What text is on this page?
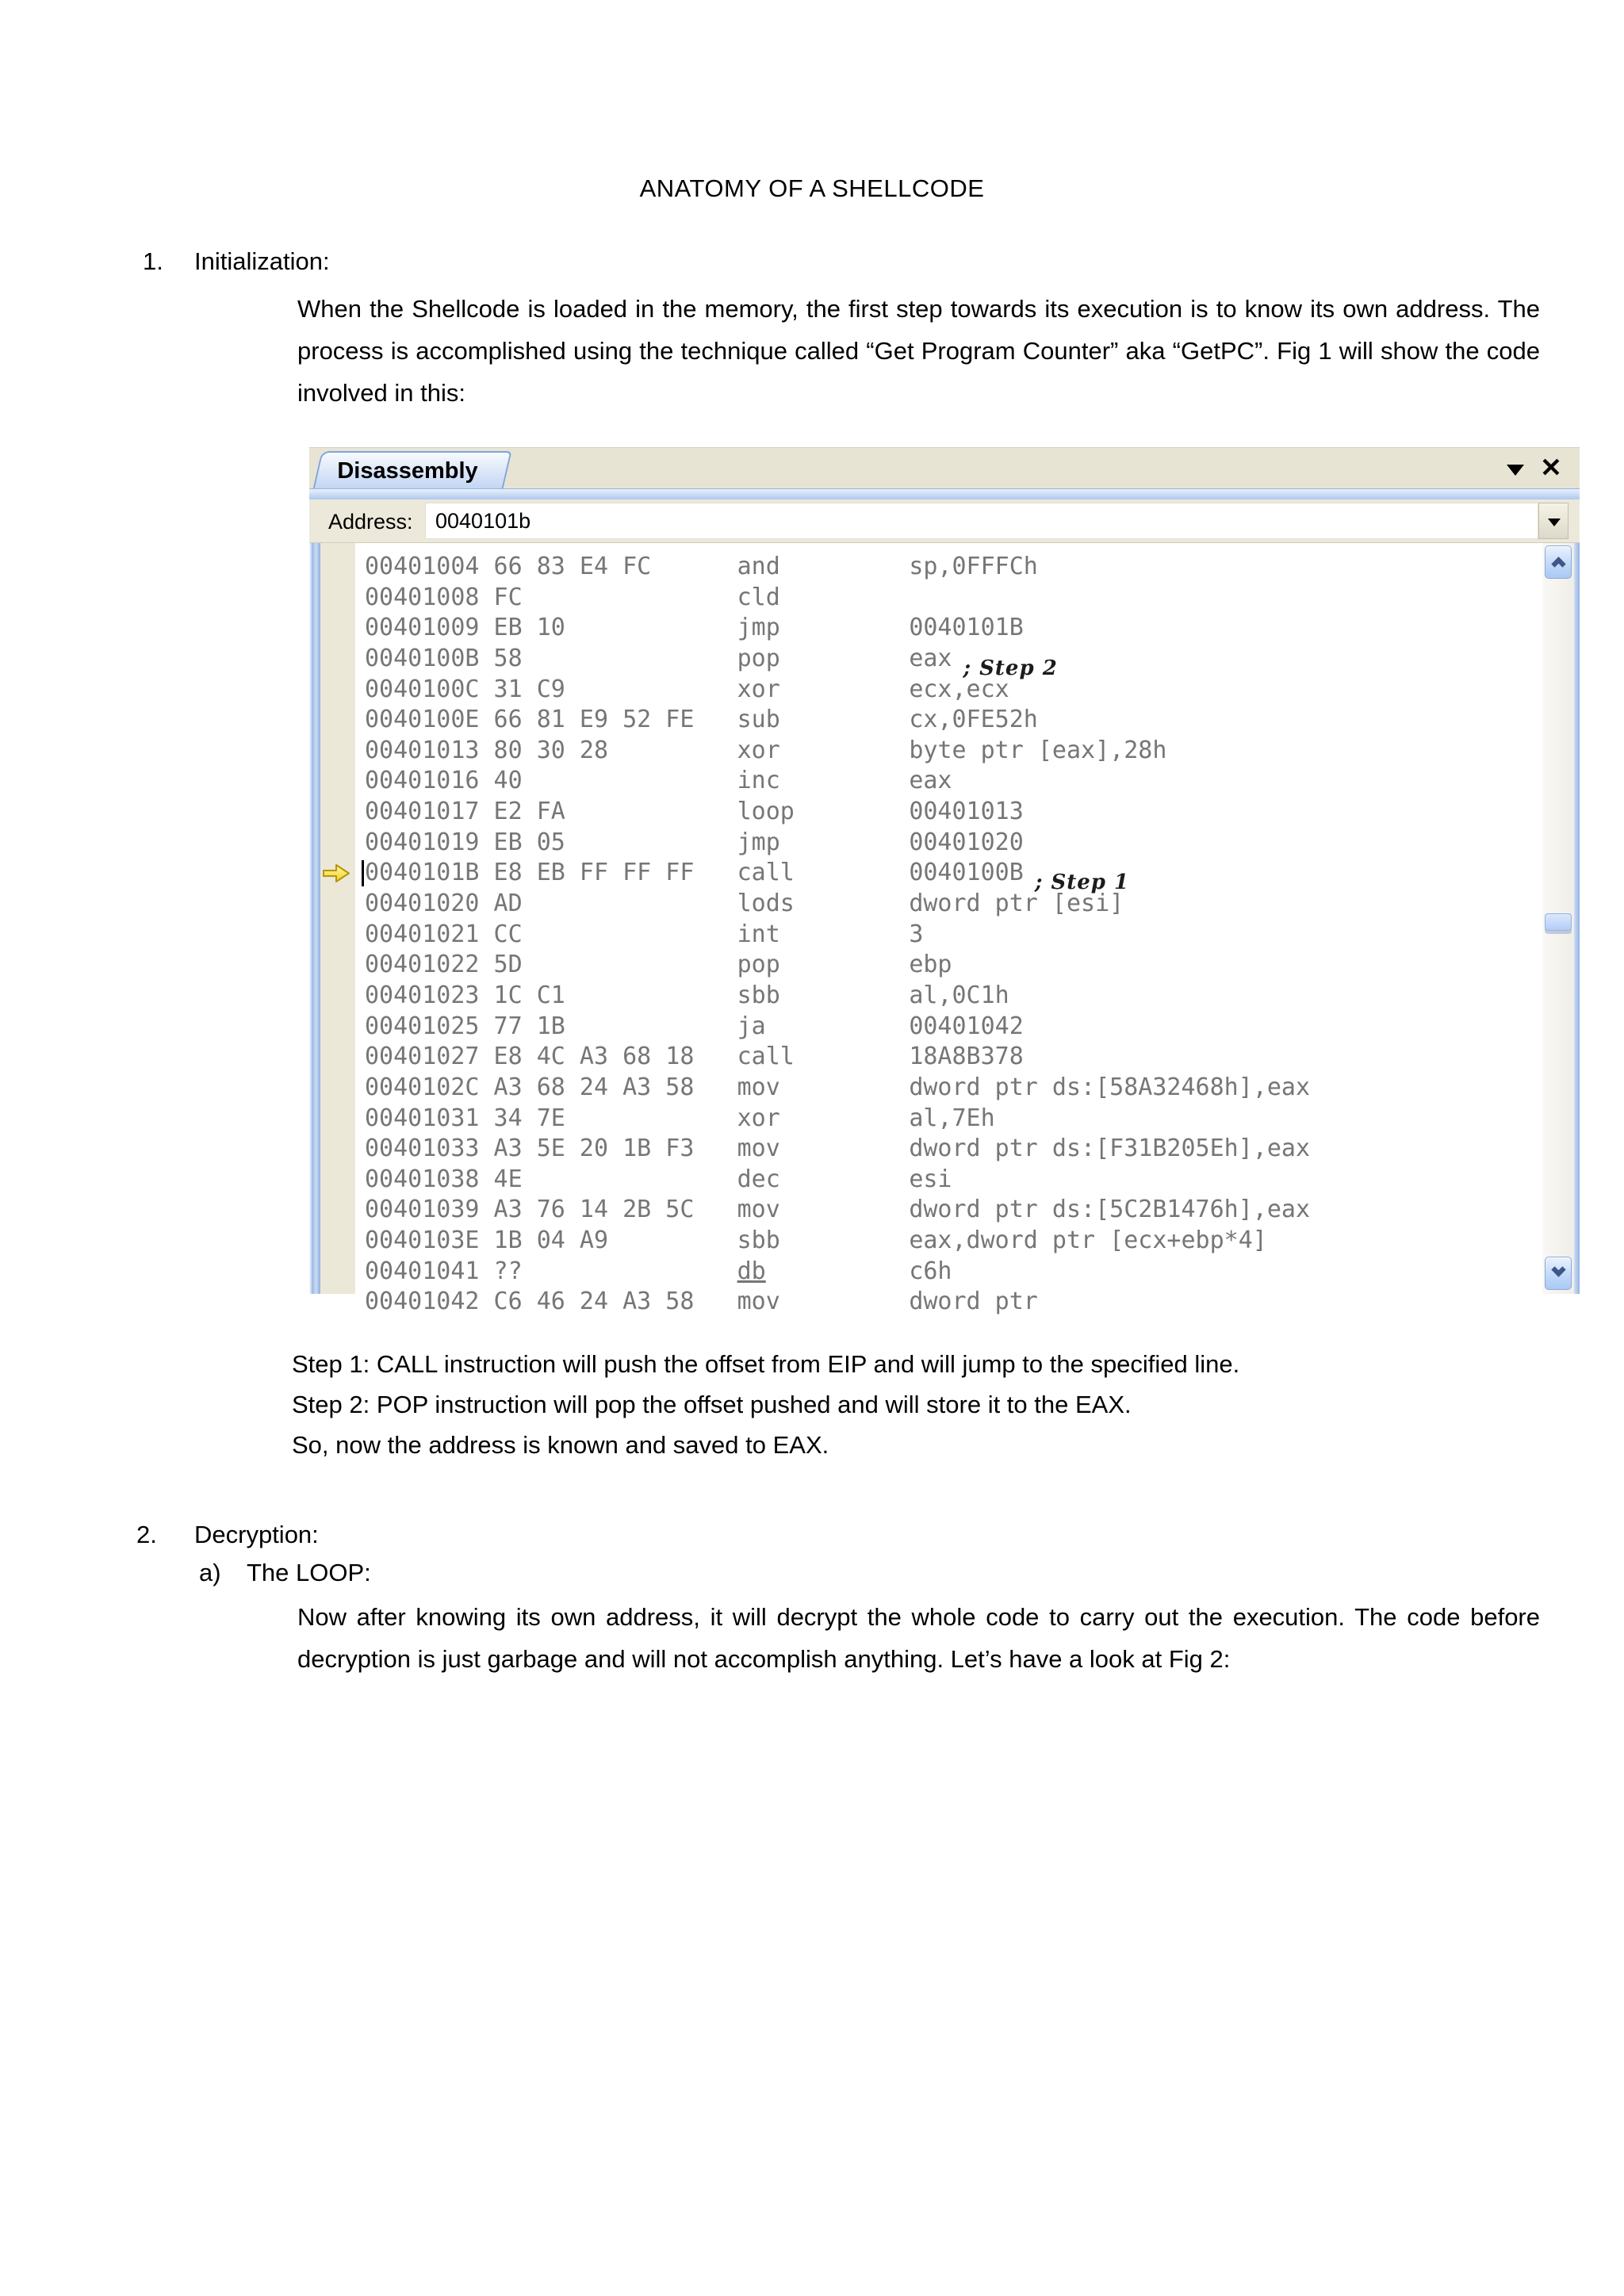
ANATOMY OF A SHELLCODE
1. Initialization:
When the Shellcode is loaded in the memory, the first step towards its execution is to know its own address. The process is accomplished using the technique called “Get Program Counter” aka “GetPC”. Fig 1 will show the code involved in this:
Disassembly	✕
Address:
0040101b
00401004 66 83 E4 FC	and	sp,0FFFCh
00401008 FC	cld
00401009 EB 10	jmp	0040101B
0040100B 58	pop	eax ; Step 2
0040100C 31 C9	xor	ecx,ecx
0040100E 66 81 E9 52 FE sub	cx,0FE52h
00401013 80 30 28	xor	byte ptr [eax],28h
00401016 40	inc	eax
00401017 E2 FA	loop	00401013
00401019 EB 05	jmp	00401020
0040101B E8 EB FF FF FF call	0040100B ; Step 1
00401020 AD	lods	dword ptr [esi]
00401021 CC	int	3
00401022 5D	pop	ebp
00401023 1C C1	sbb	al,0C1h
00401025 77 1B	ja	00401042
00401027 E8 4C A3 68 18 call	18A8B378
0040102C A3 68 24 A3 58 mov	dword ptr ds:[58A32468h],eax
00401031 34 7E	xor	al,7Eh
00401033 A3 5E 20 1B F3 mov	dword ptr ds:[F31B205Eh],eax
00401038 4E	dec	esi
00401039 A3 76 14 2B 5C mov	dword ptr ds:[5C2B1476h],eax
0040103E 1B 04 A9	sbb	eax,dword ptr [ecx+ebp*4]
00401041 ??	db	c6h
00401042 C6 46 24 A3 58 mov	dword ptr
Step 1: CALL instruction will push the offset from EIP and will jump to the specified line.
Step 2: POP instruction will pop the offset pushed and will store it to the EAX.
So, now the address is known and saved to EAX.
2. Decryption:
a) The LOOP:
Now after knowing its own address, it will decrypt the whole code to carry out the execution. The code before decryption is just garbage and will not accomplish anything. Let’s have a look at Fig 2:
